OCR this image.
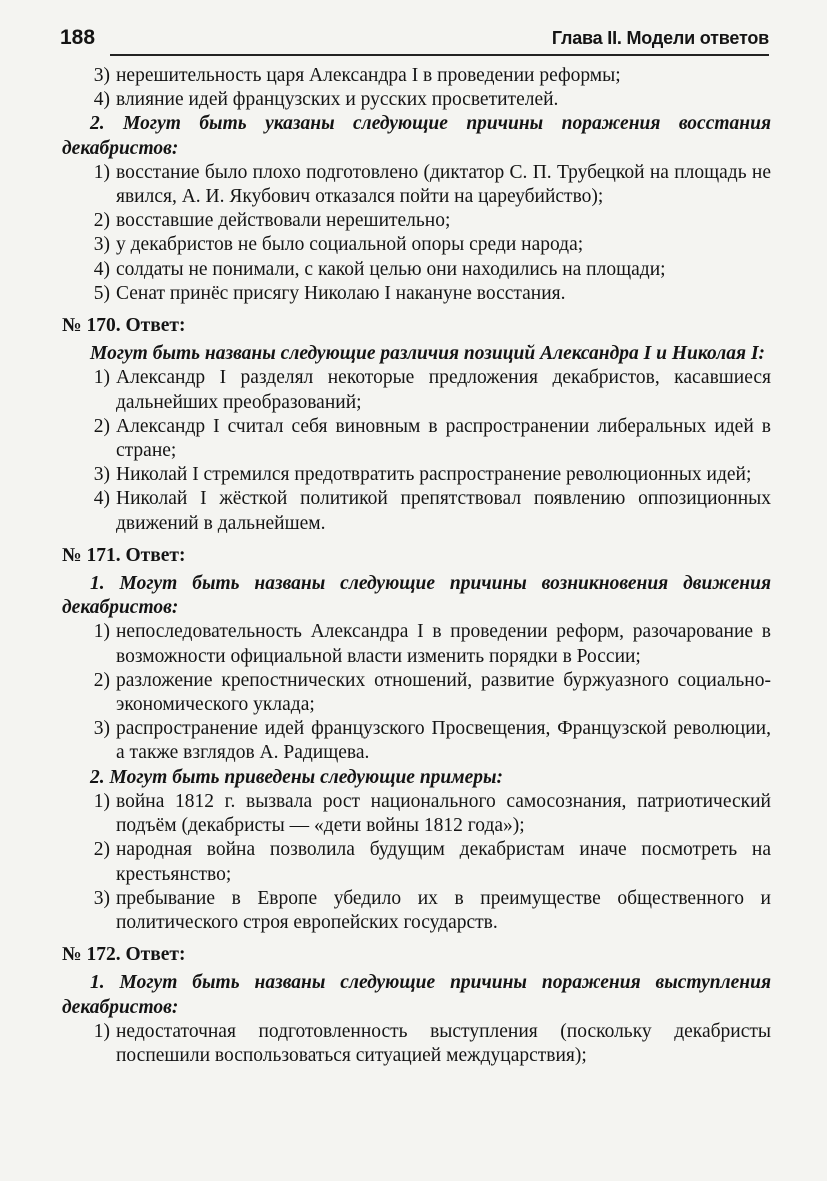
188	Глава II. Модели ответов
3) нерешительность царя Александра I в проведении реформы;
4) влияние идей французских и русских просветителей.
2. Могут быть указаны следующие причины поражения восстания декабристов:
1) восстание было плохо подготовлено (диктатор С. П. Трубецкой на площадь не явился, А. И. Якубович отказался пойти на цареубийство);
2) восставшие действовали нерешительно;
3) у декабристов не было социальной опоры среди народа;
4) солдаты не понимали, с какой целью они находились на площади;
5) Сенат принёс присягу Николаю I накануне восстания.
№ 170. Ответ:
Могут быть названы следующие различия позиций Александра I и Николая I:
1) Александр I разделял некоторые предложения декабристов, касавшиеся дальнейших преобразований;
2) Александр I считал себя виновным в распространении либеральных идей в стране;
3) Николай I стремился предотвратить распространение революционных идей;
4) Николай I жёсткой политикой препятствовал появлению оппозиционных движений в дальнейшем.
№ 171. Ответ:
1. Могут быть названы следующие причины возникновения движения декабристов:
1) непоследовательность Александра I в проведении реформ, разочарование в возможности официальной власти изменить порядки в России;
2) разложение крепостнических отношений, развитие буржуазного социально-экономического уклада;
3) распространение идей французского Просвещения, Французской революции, а также взглядов А. Радищева.
2. Могут быть приведены следующие примеры:
1) война 1812 г. вызвала рост национального самосознания, патриотический подъём (декабристы — «дети войны 1812 года»);
2) народная война позволила будущим декабристам иначе посмотреть на крестьянство;
3) пребывание в Европе убедило их в преимуществе общественного и политического строя европейских государств.
№ 172. Ответ:
1. Могут быть названы следующие причины поражения выступления декабристов:
1) недостаточная подготовленность выступления (поскольку декабристы поспешили воспользоваться ситуацией междуцарствия);
